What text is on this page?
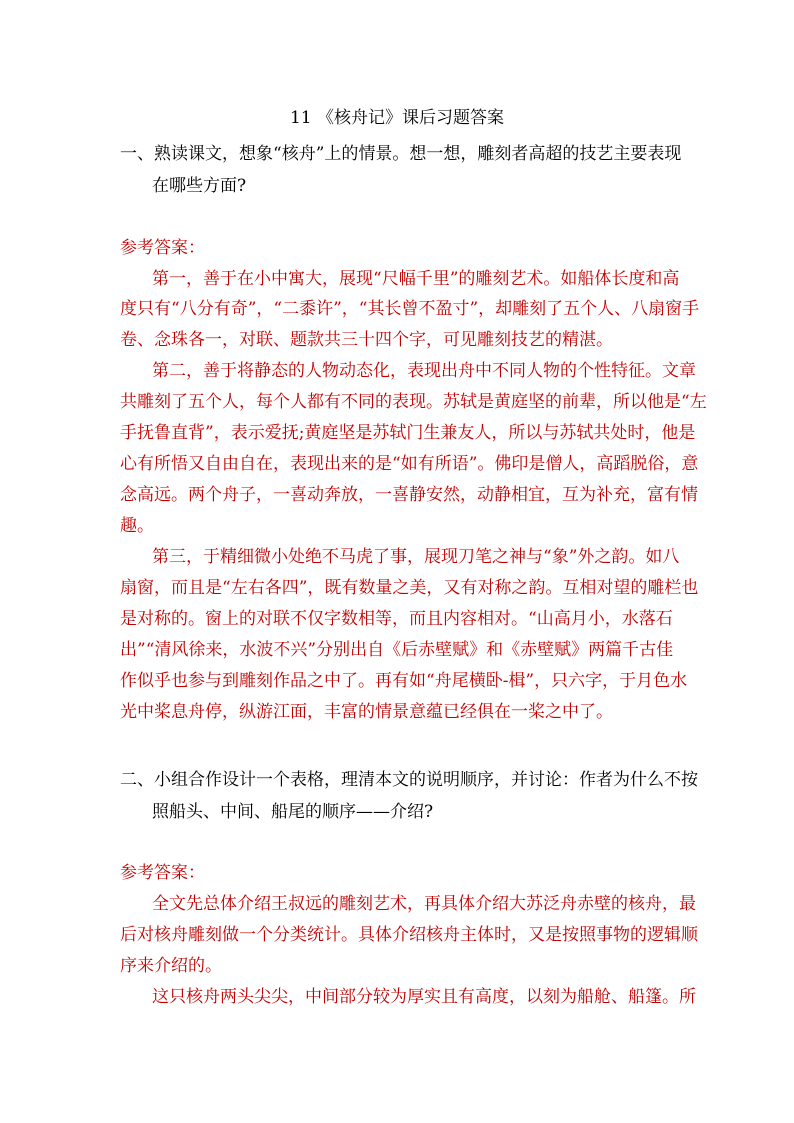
11 《核舟记》课后习题答案

一、熟读课文，想象“核舟”上的情景。想一想，雕刻者高超的技艺主要表现

在哪些方面?

参考答案：

第一，善于在小中寓大，展现“尺幅千里”的雕刻艺术。如船体长度和高

度只有“八分有奇”，“二黍许”，“其长曾不盈寸”，却雕刻了五个人、八扇窗手

卷、念珠各一，对联、题款共三十四个字，可见雕刻技艺的精湛。

第二，善于将静态的人物动态化，表现出舟中不同人物的个性特征。文章

共雕刻了五个人，每个人都有不同的表现。苏轼是黄庭坚的前辈，所以他是“左

手抚鲁直背”，表示爱抚;黄庭坚是苏轼门生兼友人，所以与苏轼共处时，他是

心有所悟又自由自在，表现出来的是“如有所语”。佛印是僧人，高蹈脱俗，意

念高远。两个舟子，一喜动奔放，一喜静安然，动静相宜，互为补充，富有情

趣。

第三，于精细微小处绝不马虎了事，展现刀笔之神与“象”外之韵。如八

扇窗，而且是“左右各四”，既有数量之美，又有对称之韵。互相对望的雕栏也

是对称的。窗上的对联不仅字数相等，而且内容相对。“山高月小，水落石

出”“清风徐来，水波不兴”分别出自《后赤壁赋》和《赤壁赋》两篇千古佳

作似乎也参与到雕刻作品之中了。再有如“舟尾横卧-楫”，只六字，于月色水

光中桨息舟停，纵游江面，丰富的情景意蕴已经俱在一桨之中了。

二、小组合作设计一个表格，理清本文的说明顺序，并讨论：作者为什么不按

照船头、中间、船尾的顺序——介绍?

参考答案：

全文先总体介绍王叔远的雕刻艺术，再具体介绍大苏泛舟赤壁的核舟，最

后对核舟雕刻做一个分类统计。具体介绍核舟主体时，又是按照事物的逻辑顺

序来介绍的。

这只核舟两头尖尖，中间部分较为厚实且有高度，以刻为船舱、船篷。所
